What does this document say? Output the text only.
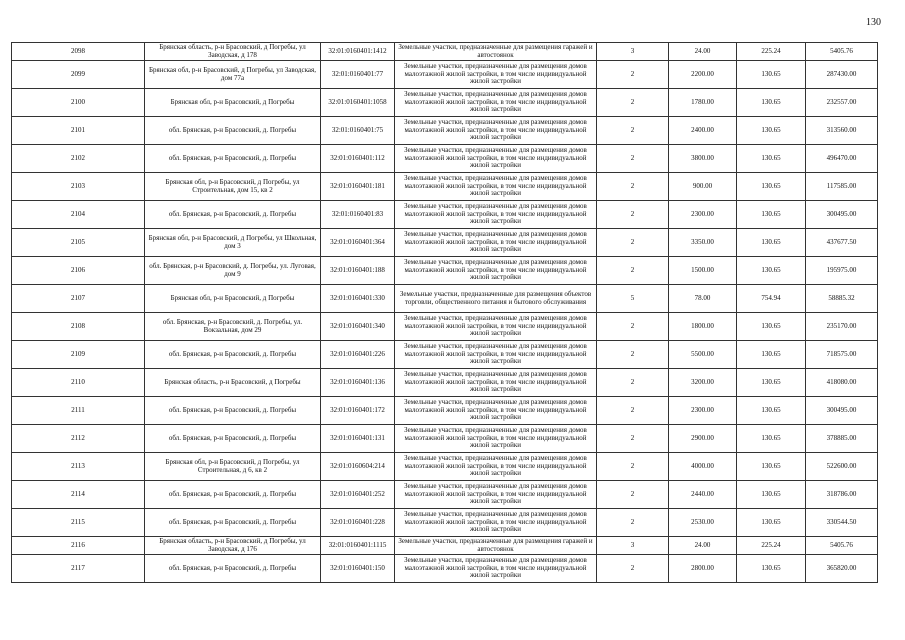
130
2098	Брянская область, р-н Брасовский, д Погребы, ул Заводская, д 178	32:01:0160401:1412	Земельные участки, предназначенные для размещения гаражей и автостоянок	3	24.00	225.24	5405.76
2099	Брянская обл, р-н Брасовский, д Погребы, ул Заводская, дом 77а	32:01:0160401:77	Земельные участки, предназначенные для размещения домов малоэтажной жилой застройки, в том числе индивидуальной жилой застройки	2	2200.00	130.65	287430.00
2100	Брянская обл, р-н Брасовский, д Погребы	32:01:0160401:1058	Земельные участки, предназначенные для размещения домов малоэтажной жилой застройки, в том числе индивидуальной жилой застройки	2	1780.00	130.65	232557.00
2101	обл. Брянская, р-н Брасовский, д. Погребы	32:01:0160401:75	Земельные участки, предназначенные для размещения домов малоэтажной жилой застройки, в том числе индивидуальной жилой застройки	2	2400.00	130.65	313560.00
2102	обл. Брянская, р-н Брасовский, д. Погребы	32:01:0160401:112	Земельные участки, предназначенные для размещения домов малоэтажной жилой застройки, в том числе индивидуальной жилой застройки	2	3800.00	130.65	496470.00
2103	Брянская обл, р-н Брасовский, д Погребы, ул Строительная, дом 15, кв 2	32:01:0160401:181	Земельные участки, предназначенные для размещения домов малоэтажной жилой застройки, в том числе индивидуальной жилой застройки	2	900.00	130.65	117585.00
2104	обл. Брянская, р-н Брасовский, д. Погребы	32:01:0160401:83	Земельные участки, предназначенные для размещения домов малоэтажной жилой застройки, в том числе индивидуальной жилой застройки	2	2300.00	130.65	300495.00
2105	Брянская обл, р-н Брасовский, д Погребы, ул Школьная, дом 3	32:01:0160401:364	Земельные участки, предназначенные для размещения домов малоэтажной жилой застройки, в том числе индивидуальной жилой застройки	2	3350.00	130.65	437677.50
2106	обл. Брянская, р-н Брасовский, д. Погребы, ул. Луговая, дом 9	32:01:0160401:188	Земельные участки, предназначенные для размещения домов малоэтажной жилой застройки, в том числе индивидуальной жилой застройки	2	1500.00	130.65	195975.00
2107	Брянская обл, р-н Брасовский, д Погребы	32:01:0160401:330	Земельные участки, предназначенные для размещения объектов торговли, общественного питания и бытового обслуживания	5	78.00	754.94	58885.32
2108	обл. Брянская, р-н Брасовский, д. Погребы, ул. Вокзальная, дом 29	32:01:0160401:340	Земельные участки, предназначенные для размещения домов малоэтажной жилой застройки, в том числе индивидуальной жилой застройки	2	1800.00	130.65	235170.00
2109	обл. Брянская, р-н Брасовский, д. Погребы	32:01:0160401:226	Земельные участки, предназначенные для размещения домов малоэтажной жилой застройки, в том числе индивидуальной жилой застройки	2	5500.00	130.65	718575.00
2110	Брянская область, р-н Брасовский, д Погребы	32:01:0160401:136	Земельные участки, предназначенные для размещения домов малоэтажной жилой застройки, в том числе индивидуальной жилой застройки	2	3200.00	130.65	418080.00
2111	обл. Брянская, р-н Брасовский, д. Погребы	32:01:0160401:172	Земельные участки, предназначенные для размещения домов малоэтажной жилой застройки, в том числе индивидуальной жилой застройки	2	2300.00	130.65	300495.00
2112	обл. Брянская, р-н Брасовский, д. Погребы	32:01:0160401:131	Земельные участки, предназначенные для размещения домов малоэтажной жилой застройки, в том числе индивидуальной жилой застройки	2	2900.00	130.65	378885.00
2113	Брянская обл, р-н Брасовский, д Погребы, ул Строительная, д 6, кв 2	32:01:0160604:214	Земельные участки, предназначенные для размещения домов малоэтажной жилой застройки, в том числе индивидуальной жилой застройки	2	4000.00	130.65	522600.00
2114	обл. Брянская, р-н Брасовский, д. Погребы	32:01:0160401:252	Земельные участки, предназначенные для размещения домов малоэтажной жилой застройки, в том числе индивидуальной жилой застройки	2	2440.00	130.65	318786.00
2115	обл. Брянская, р-н Брасовский, д. Погребы	32:01:0160401:228	Земельные участки, предназначенные для размещения домов малоэтажной жилой застройки, в том числе индивидуальной жилой застройки	2	2530.00	130.65	330544.50
2116	Брянская область, р-н Брасовский, д Погребы, ул Заводская, д 176	32:01:0160401:1115	Земельные участки, предназначенные для размещения гаражей и автостоянок	3	24.00	225.24	5405.76
2117	обл. Брянская, р-н Брасовский, д. Погребы	32:01:0160401:150	Земельные участки, предназначенные для размещения домов малоэтажной жилой застройки, в том числе индивидуальной жилой застройки	2	2800.00	130.65	365820.00
